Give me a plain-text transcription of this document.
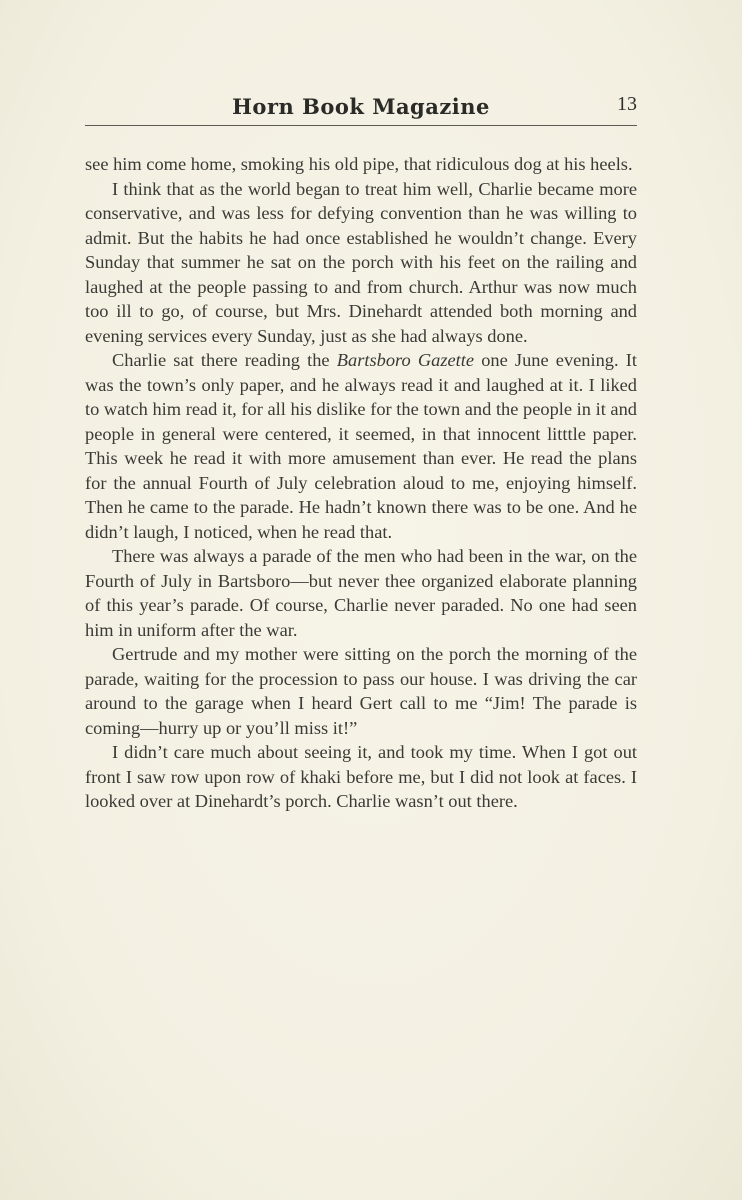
Horn Book Magazine	13

see him come home, smoking his old pipe, that ridiculous dog at his heels.

I think that as the world began to treat him well, Charlie became more conservative, and was less for defying convention than he was willing to admit. But the habits he had once established he wouldn’t change. Every Sunday that summer he sat on the porch with his feet on the railing and laughed at the people passing to and from church. Arthur was now much too ill to go, of course, but Mrs. Dinehardt attended both morning and evening services every Sunday, just as she had always done.

Charlie sat there reading the Bartsboro Gazette one June evening. It was the town’s only paper, and he always read it and laughed at it. I liked to watch him read it, for all his dislike for the town and the people in it and people in general were centered, it seemed, in that innocent litttle paper. This week he read it with more amusement than ever. He read the plans for the annual Fourth of July celebration aloud to me, enjoying himself. Then he came to the parade. He hadn’t known there was to be one. And he didn’t laugh, I noticed, when he read that.

There was always a parade of the men who had been in the war, on the Fourth of July in Bartsboro—but never thee organized elaborate planning of this year’s parade. Of course, Charlie never paraded. No one had seen him in uniform after the war.

Gertrude and my mother were sitting on the porch the morning of the parade, waiting for the procession to pass our house. I was driving the car around to the garage when I heard Gert call to me “Jim! The parade is coming—hurry up or you’ll miss it!”

I didn’t care much about seeing it, and took my time. When I got out front I saw row upon row of khaki before me, but I did not look at faces. I looked over at Dinehardt’s porch. Charlie wasn’t out there.
